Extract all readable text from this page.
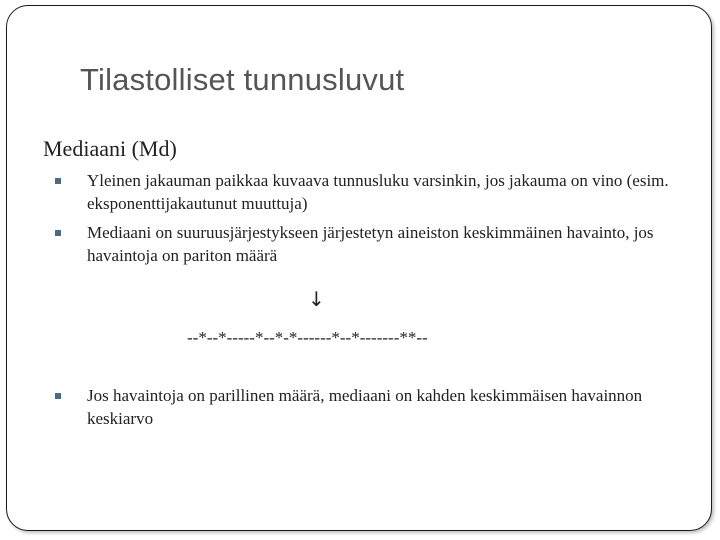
Tilastolliset tunnusluvut
Mediaani (Md)
Yleinen jakauman paikkaa kuvaava tunnusluku varsinkin, jos jakauma on vino (esim. eksponenttijakautunut muuttuja)
Mediaani on suuruusjärjestykseen järjestetyn aineiston keskimmäinen havainto, jos havaintoja on pariton määrä
↓
--*--*-----*--*-*------*--*-------**--
Jos havaintoja on parillinen määrä, mediaani on kahden keskimmäisen havainnon keskiarvo
